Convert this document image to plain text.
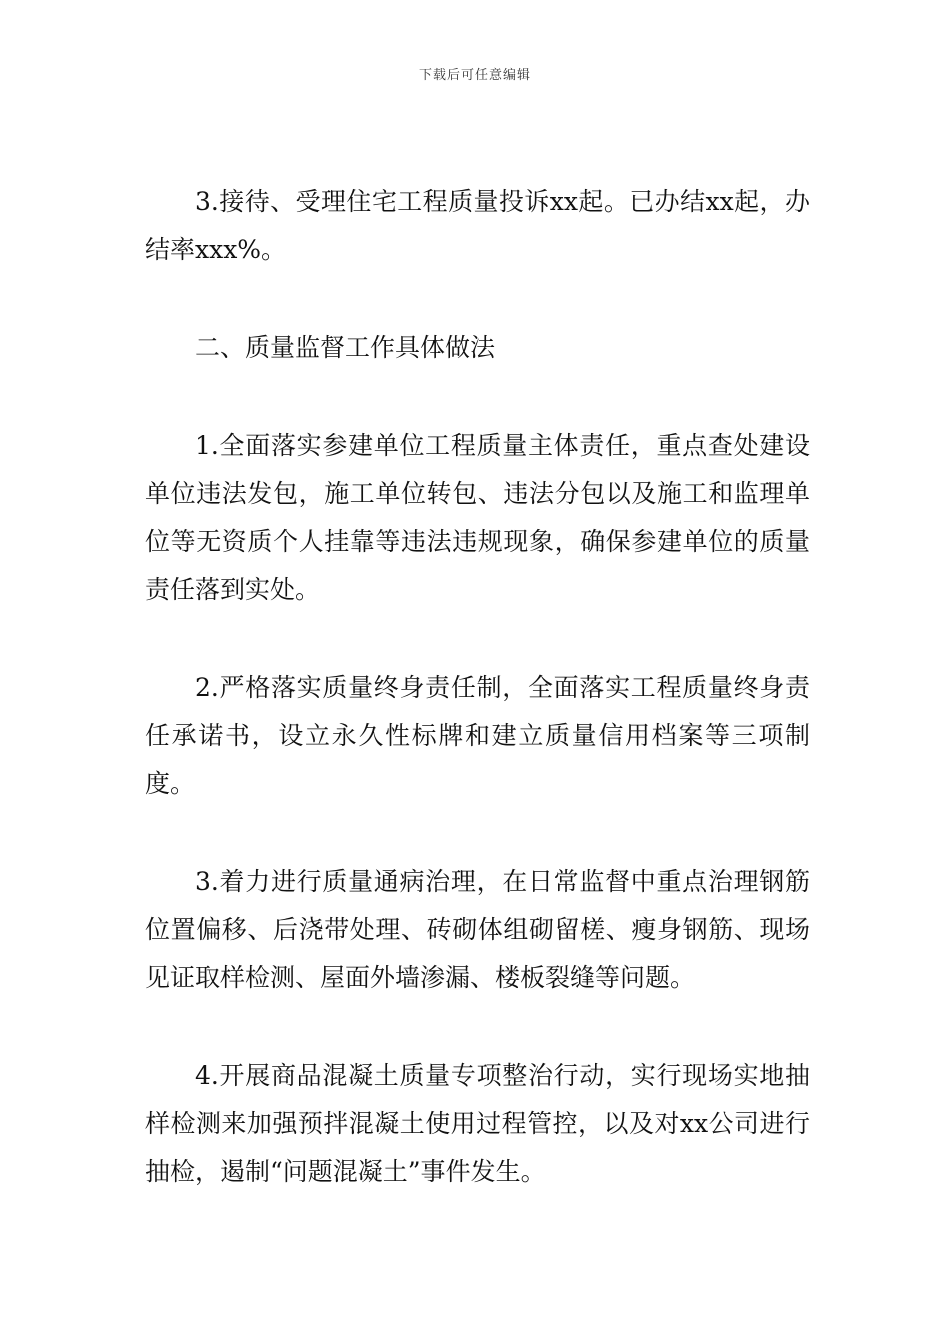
下载后可任意编辑

3.接待、受理住宅工程质量投诉xx起。已办结xx起，办结率xxx%。

二、质量监督工作具体做法

1.全面落实参建单位工程质量主体责任，重点查处建设单位违法发包，施工单位转包、违法分包以及施工和监理单位等无资质个人挂靠等违法违规现象，确保参建单位的质量责任落到实处。

2.严格落实质量终身责任制，全面落实工程质量终身责任承诺书，设立永久性标牌和建立质量信用档案等三项制度。

3.着力进行质量通病治理，在日常监督中重点治理钢筋位置偏移、后浇带处理、砖砌体组砌留槎、瘦身钢筋、现场见证取样检测、屋面外墙渗漏、楼板裂缝等问题。

4.开展商品混凝土质量专项整治行动，实行现场实地抽样检测来加强预拌混凝土使用过程管控，以及对xx公司进行抽检，遏制“问题混凝土”事件发生。
